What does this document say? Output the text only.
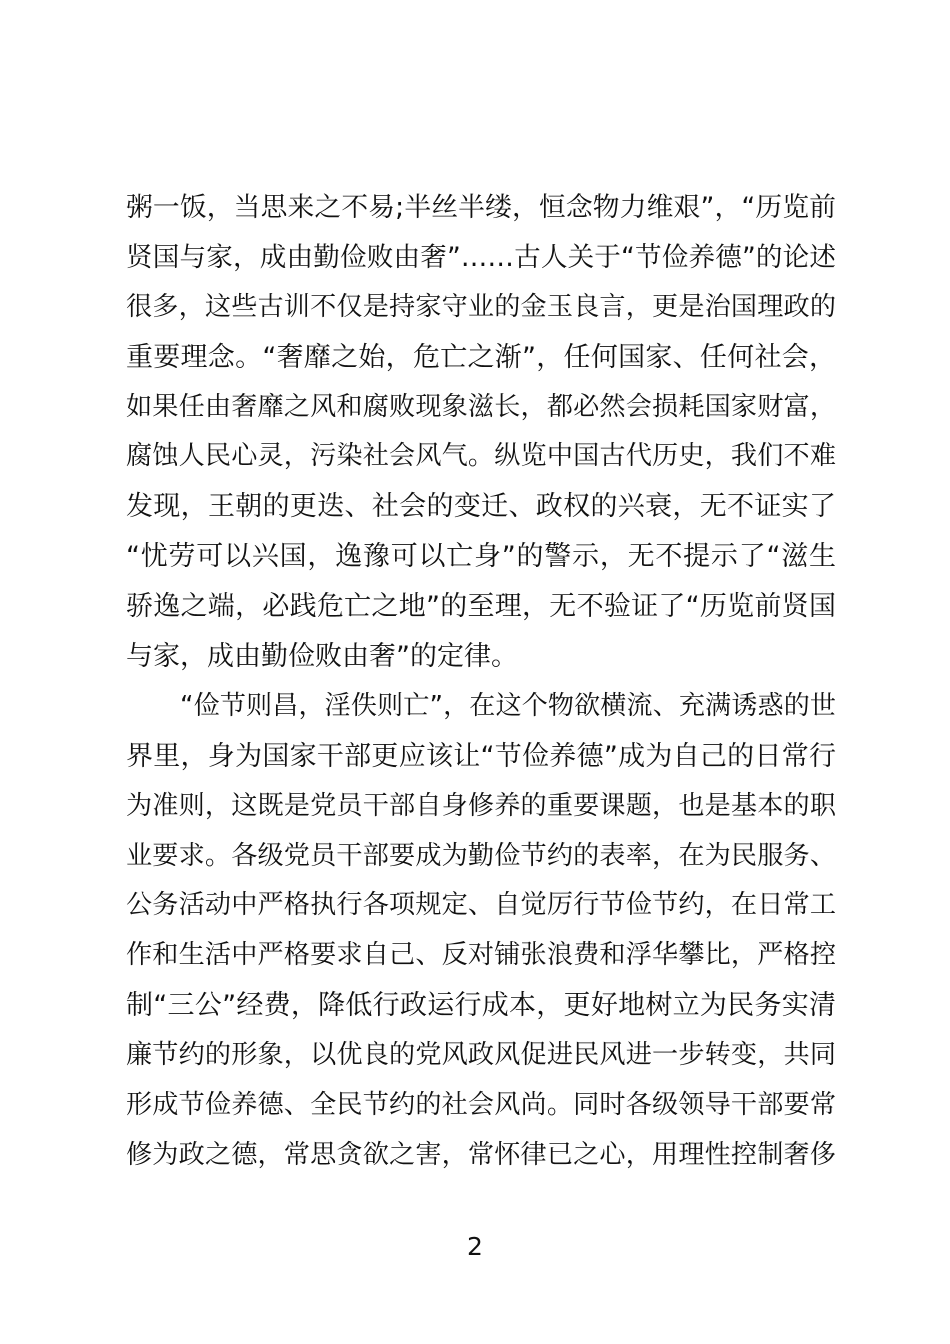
粥一饭，当思来之不易;半丝半缕，恒念物力维艰”，“历览前
贤国与家，成由勤俭败由奢”……古人关于“节俭养德”的论述
很多，这些古训不仅是持家守业的金玉良言，更是治国理政的
重要理念。“奢靡之始，危亡之渐”，任何国家、任何社会，
如果任由奢靡之风和腐败现象滋长，都必然会损耗国家财富，
腐蚀人民心灵，污染社会风气。纵览中国古代历史，我们不难
发现，王朝的更迭、社会的变迁、政权的兴衰，无不证实了
“忧劳可以兴国，逸豫可以亡身”的警示，无不提示了“滋生
骄逸之端，必践危亡之地”的至理，无不验证了“历览前贤国
与家，成由勤俭败由奢”的定律。
“俭节则昌，淫佚则亡”，在这个物欲横流、充满诱惑的世
界里，身为国家干部更应该让“节俭养德”成为自己的日常行
为准则，这既是党员干部自身修养的重要课题，也是基本的职
业要求。各级党员干部要成为勤俭节约的表率，在为民服务、
公务活动中严格执行各项规定、自觉厉行节俭节约，在日常工
作和生活中严格要求自己、反对铺张浪费和浮华攀比，严格控
制“三公”经费，降低行政运行成本，更好地树立为民务实清
廉节约的形象，以优良的党风政风促进民风进一步转变，共同
形成节俭养德、全民节约的社会风尚。同时各级领导干部要常
修为政之德，常思贪欲之害，常怀律已之心，用理性控制奢侈
2
